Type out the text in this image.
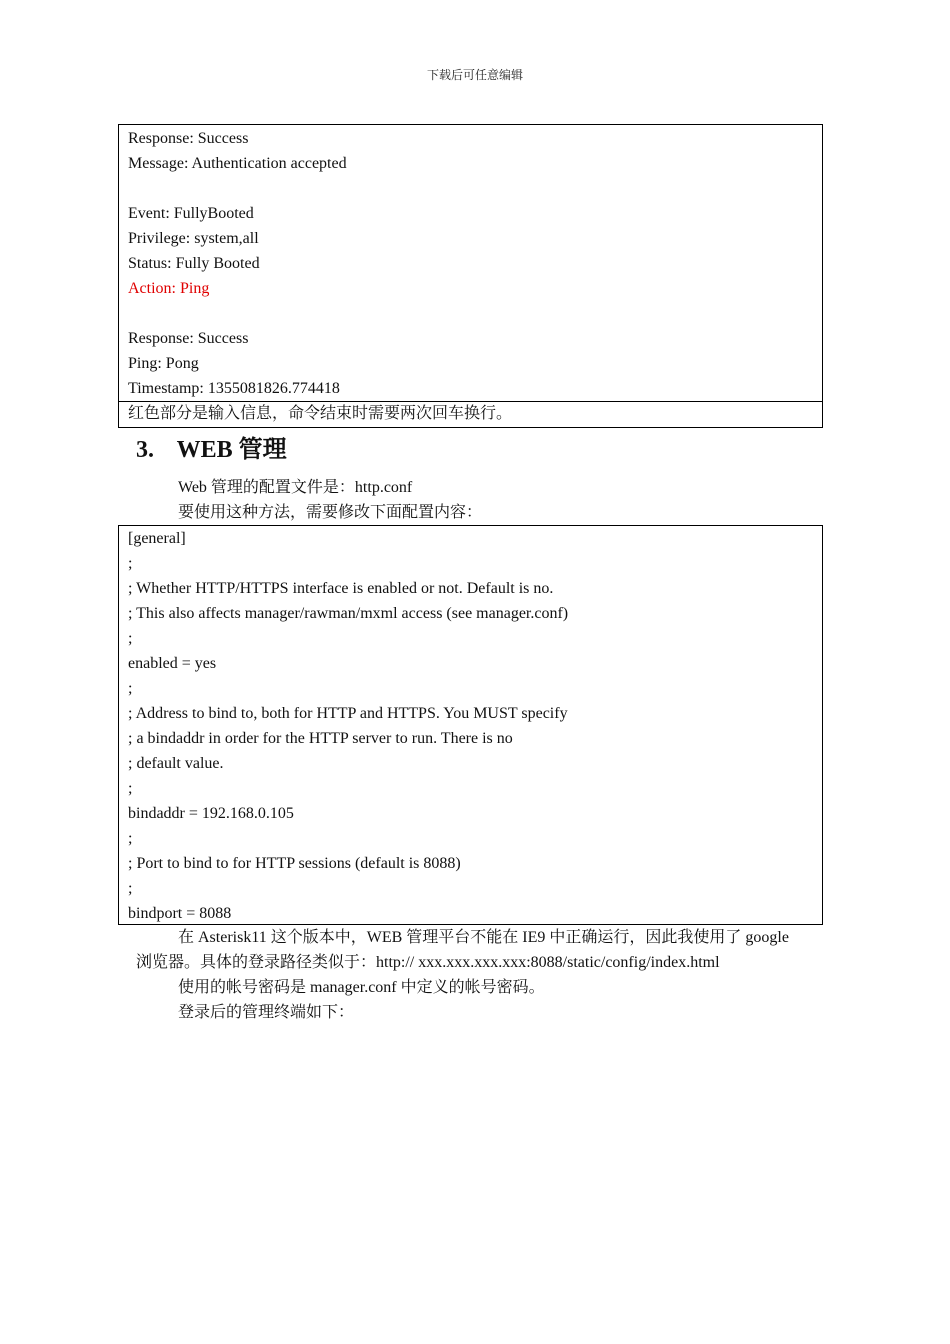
下载后可任意编辑
Response: Success
Message: Authentication accepted
Event: FullyBooted
Privilege: system,all
Status: Fully Booted
Action: Ping
Response: Success
Ping: Pong
Timestamp: 1355081826.774418
红色部分是输入信息，命令结束时需要两次回车换行。
3. WEB 管理
Web 管理的配置文件是：http.conf
要使用这种方法，需要修改下面配置内容：
[general]
;
; Whether HTTP/HTTPS interface is enabled or not. Default is no.
; This also affects manager/rawman/mxml access (see manager.conf)
;
enabled = yes
;
; Address to bind to, both for HTTP and HTTPS. You MUST specify
; a bindaddr in order for the HTTP server to run. There is no
; default value.
;
bindaddr = 192.168.0.105
;
; Port to bind to for HTTP sessions (default is 8088)
;
bindport = 8088
在 Asterisk11 这个版本中，WEB 管理平台不能在 IE9 中正确运行，因此我使用了 google
浏览器。具体的登录路径类似于：http:// xxx.xxx.xxx.xxx:8088/static/config/index.html
使用的帐号密码是 manager.conf 中定义的帐号密码。
登录后的管理终端如下：
